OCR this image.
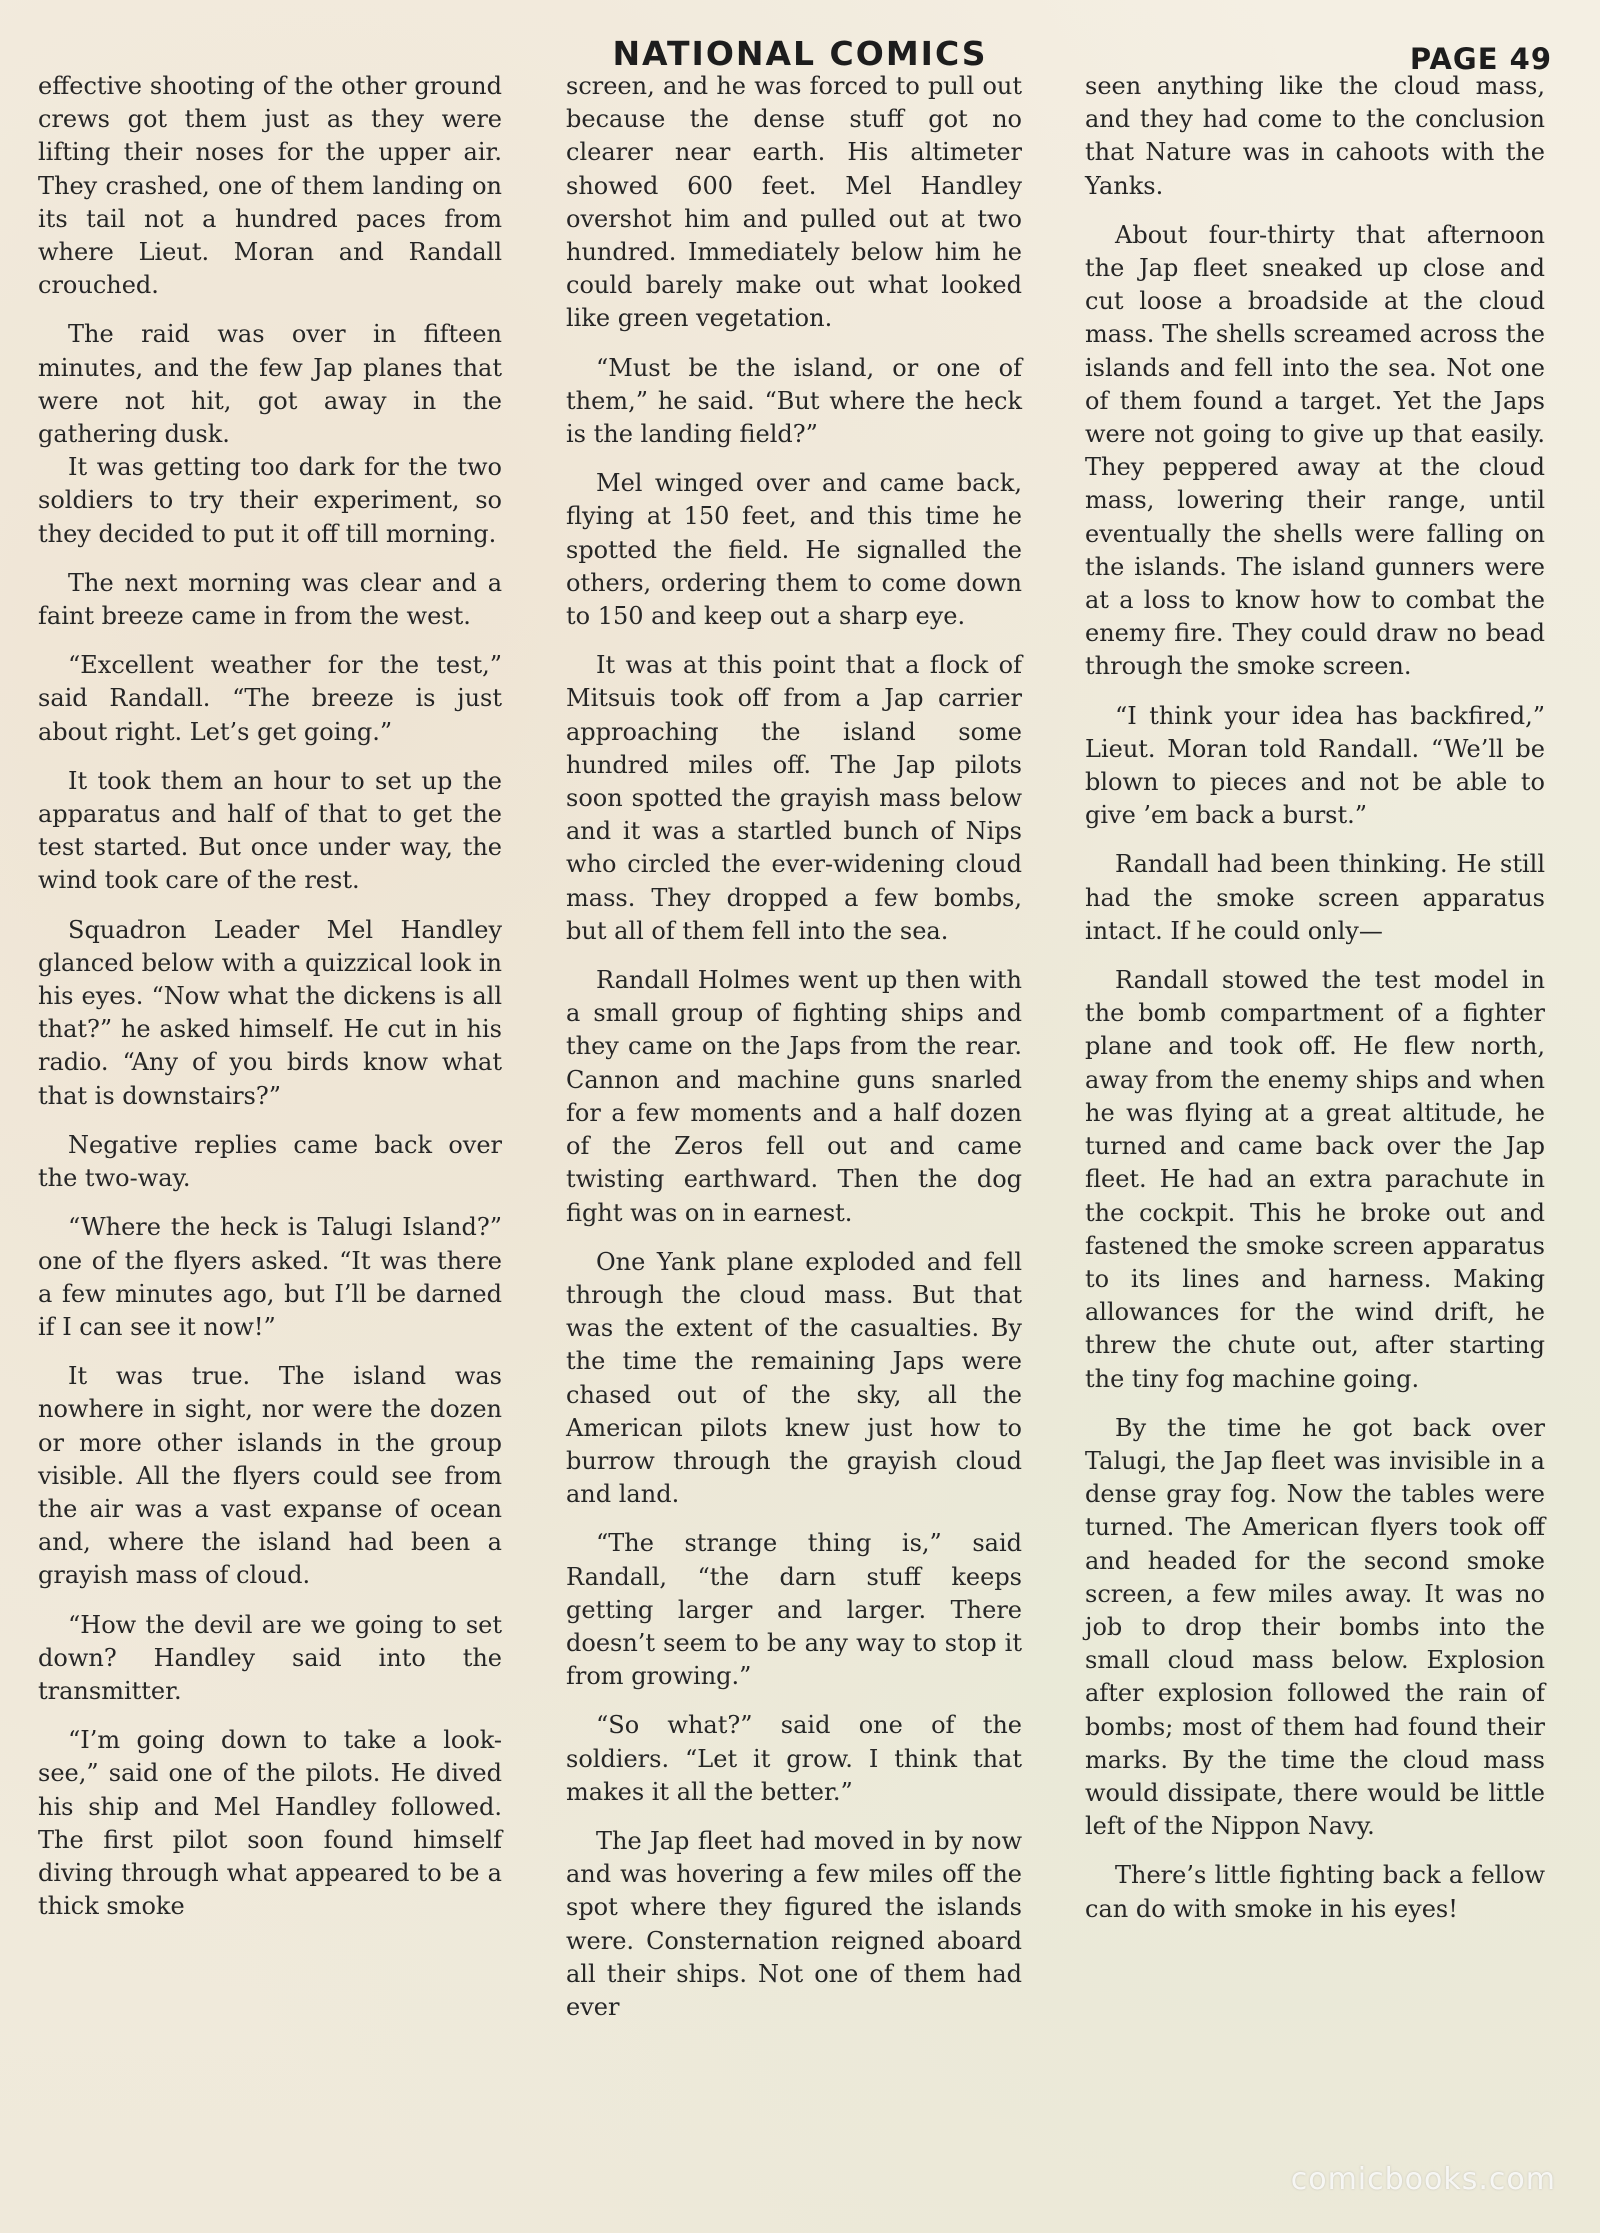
NATIONAL COMICS	PAGE 49

effective shooting of the other ground crews got them just as they were lifting their noses for the upper air. They crashed, one of them landing on its tail not a hundred paces from where Lieut. Moran and Randall crouched.

The raid was over in fifteen minutes, and the few Jap planes that were not hit, got away in the gathering dusk.

It was getting too dark for the two soldiers to try their experiment, so they decided to put it off till morning.

The next morning was clear and a faint breeze came in from the west.

“Excellent weather for the test,” said Randall. “The breeze is just about right. Let’s get going.”

It took them an hour to set up the apparatus and half of that to get the test started. But once under way, the wind took care of the rest.

Squadron Leader Mel Handley glanced below with a quizzical look in his eyes. “Now what the dickens is all that?” he asked himself. He cut in his radio. “Any of you birds know what that is downstairs?”

Negative replies came back over the two-way.

“Where the heck is Talugi Island?” one of the flyers asked. “It was there a few minutes ago, but I’ll be darned if I can see it now!”

It was true. The island was nowhere in sight, nor were the dozen or more other islands in the group visible. All the flyers could see from the air was a vast expanse of ocean and, where the island had been a grayish mass of cloud.

“How the devil are we going to set down? Handley said into the transmitter.

“I’m going down to take a look-see,” said one of the pilots. He dived his ship and Mel Handley followed. The first pilot soon found himself diving through what appeared to be a thick smoke

screen, and he was forced to pull out because the dense stuff got no clearer near earth. His altimeter showed 600 feet. Mel Handley overshot him and pulled out at two hundred. Immediately below him he could barely make out what looked like green vegetation.

“Must be the island, or one of them,” he said. “But where the heck is the landing field?”

Mel winged over and came back, flying at 150 feet, and this time he spotted the field. He signalled the others, ordering them to come down to 150 and keep out a sharp eye.

It was at this point that a flock of Mitsuis took off from a Jap carrier approaching the island some hundred miles off. The Jap pilots soon spotted the grayish mass below and it was a startled bunch of Nips who circled the ever-widening cloud mass. They dropped a few bombs, but all of them fell into the sea.

Randall Holmes went up then with a small group of fighting ships and they came on the Japs from the rear. Cannon and machine guns snarled for a few moments and a half dozen of the Zeros fell out and came twisting earthward. Then the dog fight was on in earnest.

One Yank plane exploded and fell through the cloud mass. But that was the extent of the casualties. By the time the remaining Japs were chased out of the sky, all the American pilots knew just how to burrow through the grayish cloud and land.

“The strange thing is,” said Randall, “the darn stuff keeps getting larger and larger. There doesn’t seem to be any way to stop it from growing.”

“So what?” said one of the soldiers. “Let it grow. I think that makes it all the better.”

The Jap fleet had moved in by now and was hovering a few miles off the spot where they figured the islands were. Consternation reigned aboard all their ships. Not one of them had ever

seen anything like the cloud mass, and they had come to the conclusion that Nature was in cahoots with the Yanks.

About four-thirty that afternoon the Jap fleet sneaked up close and cut loose a broadside at the cloud mass. The shells screamed across the islands and fell into the sea. Not one of them found a target. Yet the Japs were not going to give up that easily. They peppered away at the cloud mass, lowering their range, until eventually the shells were falling on the islands. The island gunners were at a loss to know how to combat the enemy fire. They could draw no bead through the smoke screen.

“I think your idea has backfired,” Lieut. Moran told Randall. “We’ll be blown to pieces and not be able to give ’em back a burst.”

Randall had been thinking. He still had the smoke screen apparatus intact. If he could only—

Randall stowed the test model in the bomb compartment of a fighter plane and took off. He flew north, away from the enemy ships and when he was flying at a great altitude, he turned and came back over the Jap fleet. He had an extra parachute in the cockpit. This he broke out and fastened the smoke screen apparatus to its lines and harness. Making allowances for the wind drift, he threw the chute out, after starting the tiny fog machine going.

By the time he got back over Talugi, the Jap fleet was invisible in a dense gray fog. Now the tables were turned. The American flyers took off and headed for the second smoke screen, a few miles away. It was no job to drop their bombs into the small cloud mass below. Explosion after explosion followed the rain of bombs; most of them had found their marks. By the time the cloud mass would dissipate, there would be little left of the Nippon Navy.

There’s little fighting back a fellow can do with smoke in his eyes!

comicbooks.com
